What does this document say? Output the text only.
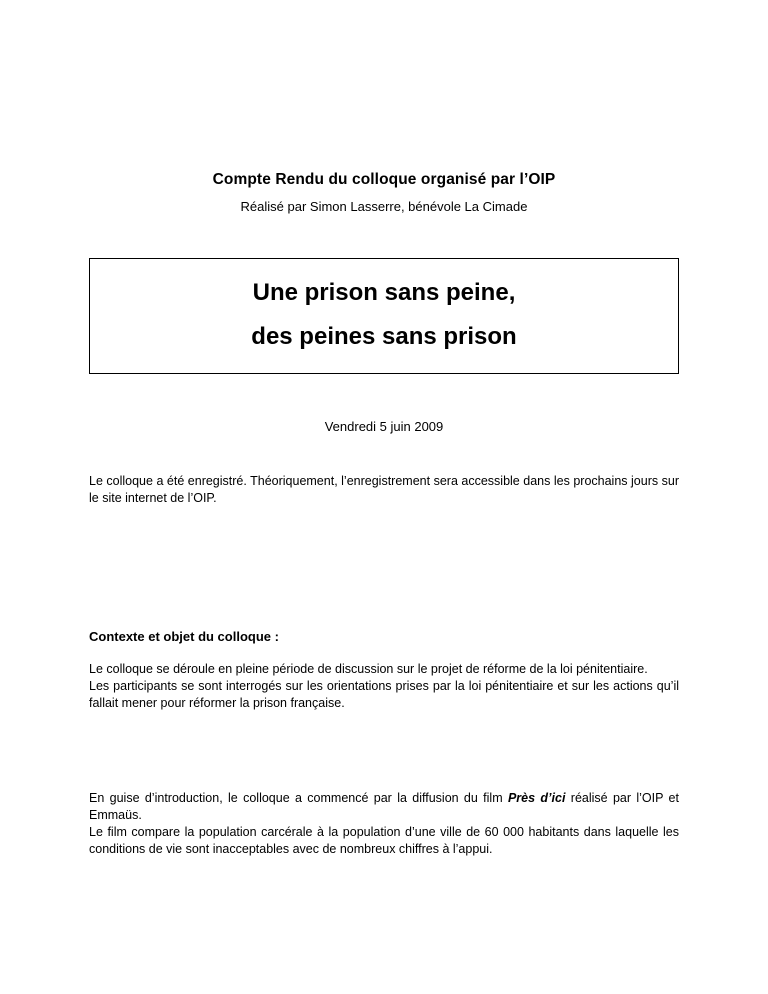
Compte Rendu du colloque organisé par l’OIP

Réalisé par Simon Lasserre, bénévole La Cimade

Une prison sans peine,
des peines sans prison

Vendredi 5 juin 2009

Le colloque a été enregistré. Théoriquement, l’enregistrement sera accessible dans les prochains jours sur le site internet de l’OIP.

Contexte et objet du colloque :

Le colloque se déroule en pleine période de discussion sur le projet de réforme de la loi pénitentiaire.

Les participants se sont interrogés sur les orientations prises par la loi pénitentiaire et sur les actions qu’il fallait mener pour réformer la prison française.

En guise d’introduction, le colloque a commencé par la diffusion du film Près d’ici réalisé par l’OIP et Emmaüs.

Le film compare la population carcérale à la population d’une ville de 60 000 habitants dans laquelle les conditions de vie sont inacceptables avec de nombreux chiffres à l’appui.
